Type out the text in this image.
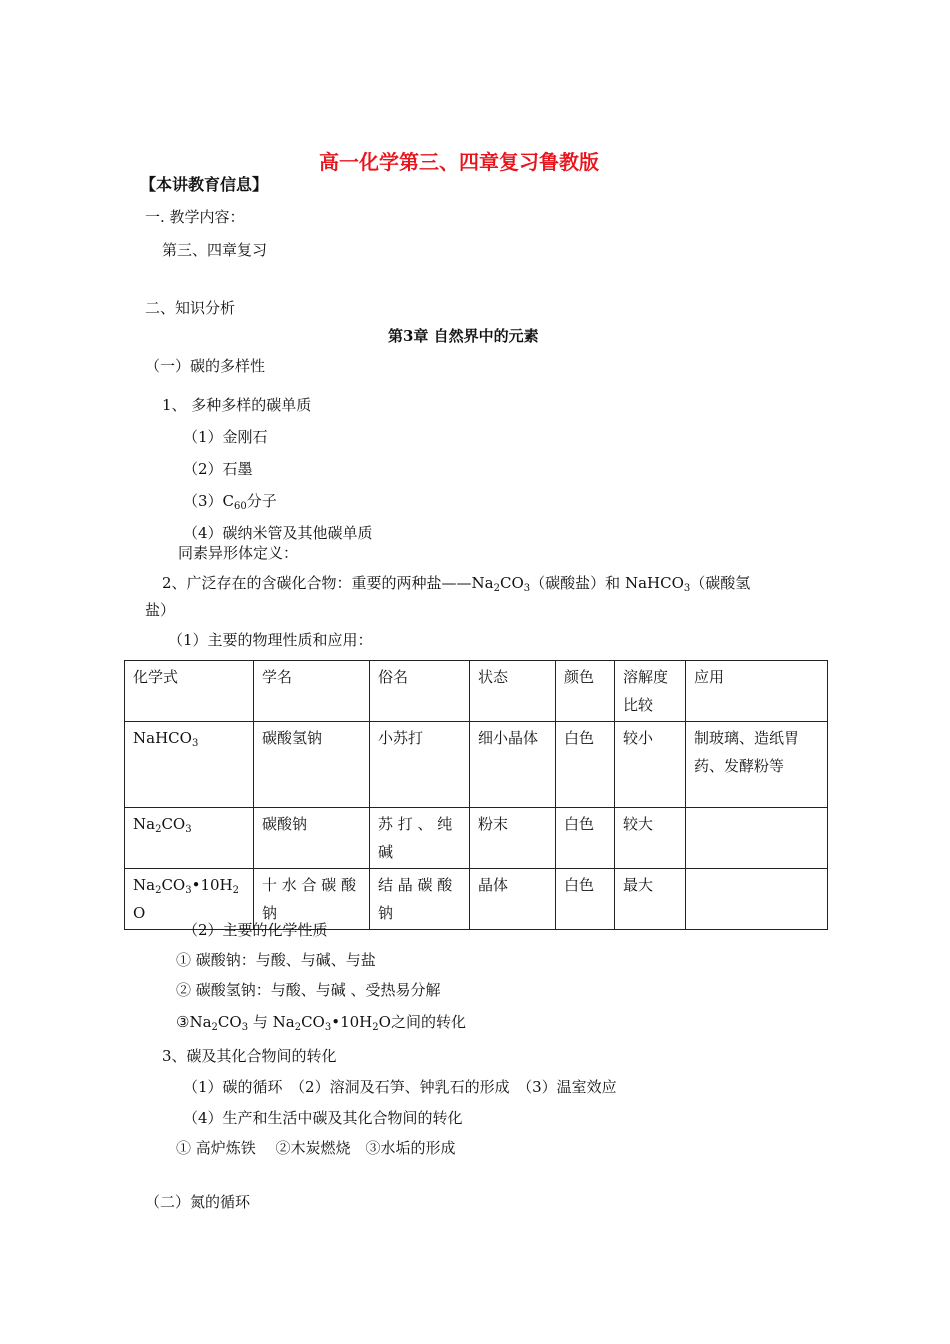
高一化学第三、四章复习鲁教版
【本讲教育信息】
一. 教学内容：
第三、四章复习
二、知识分析
第3章 自然界中的元素
（一）碳的多样性
1、 多种多样的碳单质
（1）金刚石
（2）石墨
$(3)C_{60}$分子
（4）碳纳米管及其他碳单质
同素异形体定义：
2、广泛存在的含碳化合物：重要的两种盐$——Na_2CO_3$（碳酸盐）和 NaHCO$_3$（碳酸氢
盐）
（1）主要的物理性质和应用：
化学式	学名	俗名	状态	颜色	溶解度比较	应用
NaHCO$_3$	碳酸氢钠	小苏打	细小晶体	白色	较小	制玻璃、造纸胃药、发酵粉等
$Na_2CO_3$	碳酸钠	苏 打 、 纯碱	粉末	白色	较大	
$Na_2CO_3•10H_2O$	十 水 合 碳 酸钠	结 晶 碳 酸钠	晶体	白色	最大	
（2）主要的化学性质
① 碳酸钠：与酸、与碱、与盐
② 碳酸氢钠：与酸、与碱 、受热易分解
$③Na_2CO_3$ 与 $Na_2CO_3•10H_2O$之间的转化
3、碳及其化合物间的转化
（1）碳的循环　（2）溶洞及石笋、钟乳石的形成　（3）温室效应
（4）生产和生活中碳及其化合物间的转化
① 高炉炼铁　 ②木炭燃烧　③水垢的形成
（二）氮的循环
